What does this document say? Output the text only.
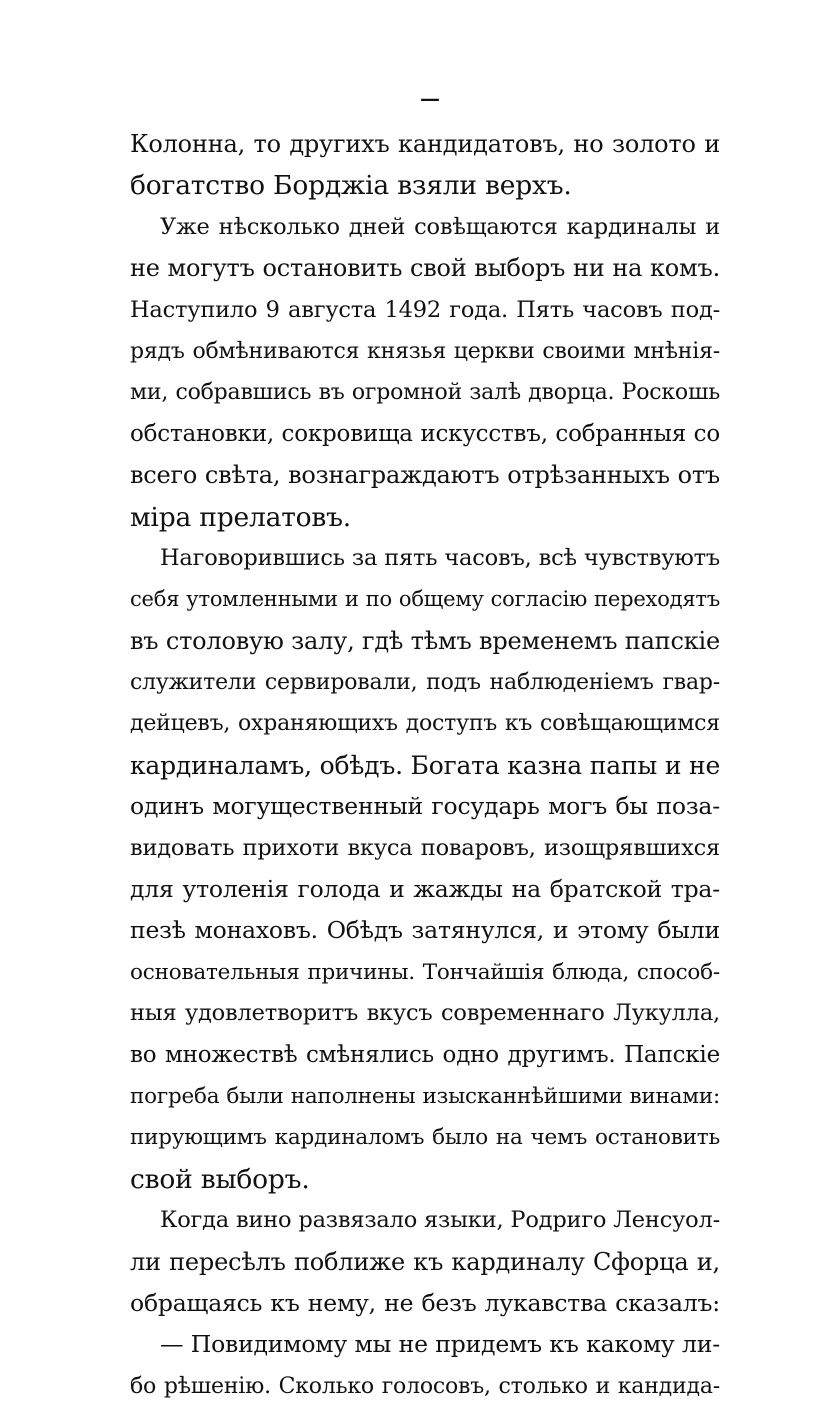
—
Колонна, то другихъ кандидатовъ, но золото и
богатство Борджiа взяли верхъ.
Уже нѣсколько дней совѣщаются кардиналы и
не могутъ остановить свой выборъ ни на комъ.
Наступило 9 августа 1492 года. Пять часовъ под-
рядъ обмѣниваются князья церкви своими мнѣнiя-
ми, собравшись въ огромной залѣ дворца. Роскошь
обстановки, сокровища искусствъ, собранныя со
всего свѣта, вознаграждаютъ отрѣзанныхъ отъ
мiра прелатовъ.
Наговорившись за пять часовъ, всѣ чувствуютъ
себя утомленными и по общему согласiю переходятъ
въ столовую залу, гдѣ тѣмъ временемъ папскiе
служители сервировали, подъ наблюденiемъ гвар-
дейцевъ, охраняющихъ доступъ къ совѣщающимся
кардиналамъ, обѣдъ. Богата казна папы и не
одинъ могущественный государь могъ бы поза-
видовать прихоти вкуса поваровъ, изощрявшихся
для утоленiя голода и жажды на братской тра-
пезѣ монаховъ. Обѣдъ затянулся, и этому были
основательныя причины. Тончайшiя блюда, способ-
ныя удовлетворитъ вкусъ современнаго Лукулла,
во множествѣ смѣнялись одно другимъ. Папскiе
погреба были наполнены изысканнѣйшими винами:
пирующимъ кардиналомъ было на чемъ остановить
свой выборъ.
Когда вино развязало языки, Родриго Ленсуол-
ли пересѣлъ поближе къ кардиналу Сфорца и,
обращаясь къ нему, не безъ лукавства сказалъ:
— Повидимому мы не придемъ къ какому ли-
бо рѣшенiю. Сколько голосовъ, столько и кандида-
